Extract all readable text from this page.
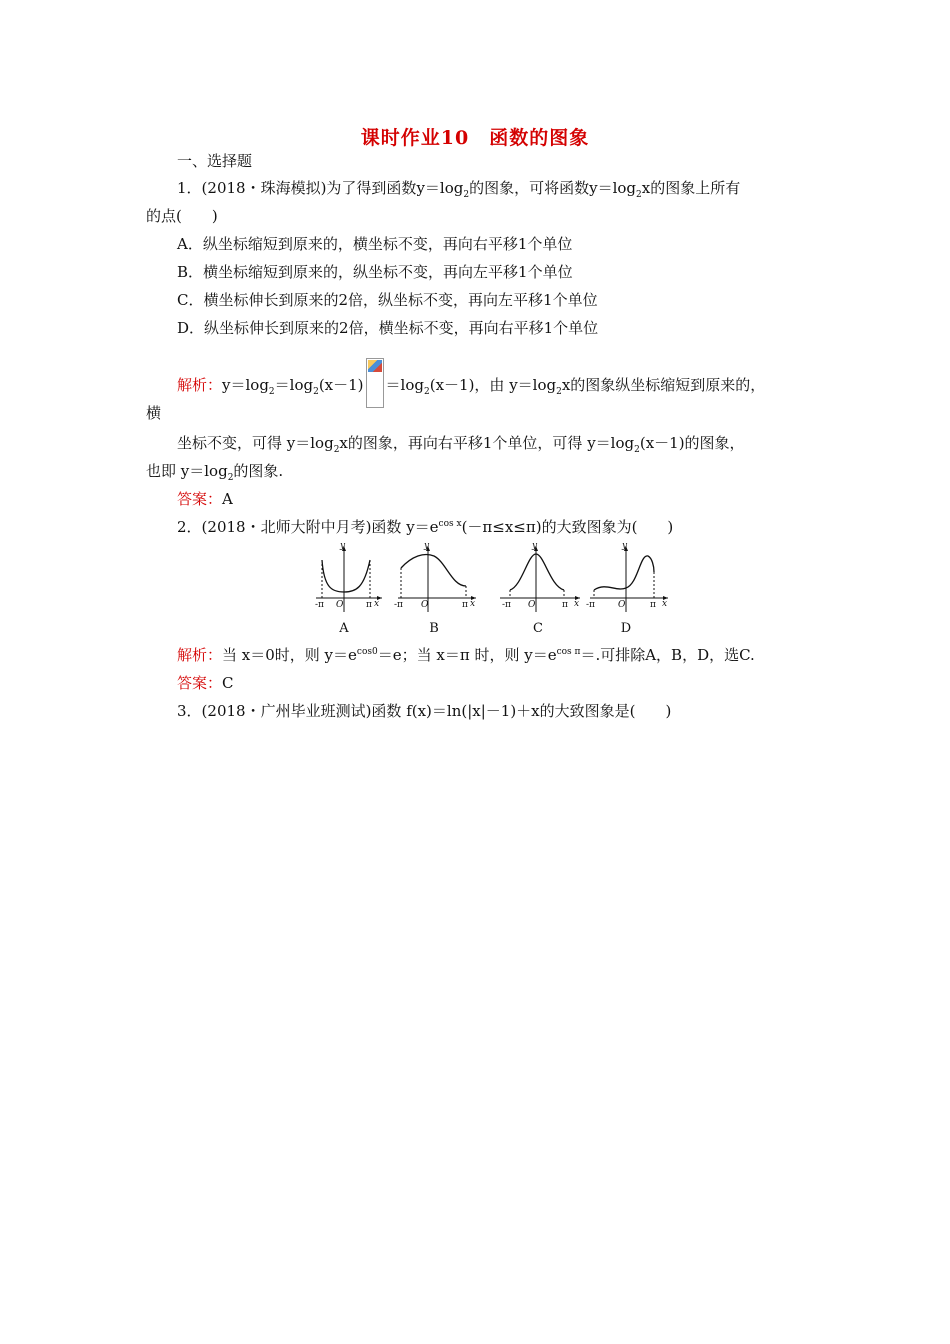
课时作业10　函数的图象
一、选择题
1．(2018・珠海模拟)为了得到函数$y=\log_2$的图象，可将函数$y=\log_2x$的图象上所有
的点(　　)
A．纵坐标缩短到原来的，横坐标不变，再向右平移1个单位
B．横坐标缩短到原来的，纵坐标不变，再向左平移1个单位
C．横坐标伸长到原来的2倍，纵坐标不变，再向左平移1个单位
D．纵坐标伸长到原来的2倍，横坐标不变，再向右平移1个单位
解析：$y=\log_2=\log_2(x-1) =\log_2(x-1)$，由 $y=\log_2x$的图象纵坐标缩短到原来的，
横
坐标不变，可得 $y=\log_2x$的图象，再向右平移1个单位，可得 $y=\log_2(x-1)$的图象，
也即 $y=\log_2$的图象.
答案：A
2．(2018・北师大附中月考)函数 $y=e^{cos x}(-\pi\le x\le\pi)$的大致图象为(　　)
y
x
O
-π	π
A
y
x
O
-π	π
B
y
x
O
-π	π
C
y
x
O
-π	π
D
解析：当 x＝0时，则 $y=e^{cos0}=e$；当 x＝π 时，则 $y=e^{cos \pi}=$.可排除A，B，D，选C.
答案：C
3．(2018・广州毕业班测试)函数 f(x)＝ln(|x|－1)＋x的大致图象是(　　)
